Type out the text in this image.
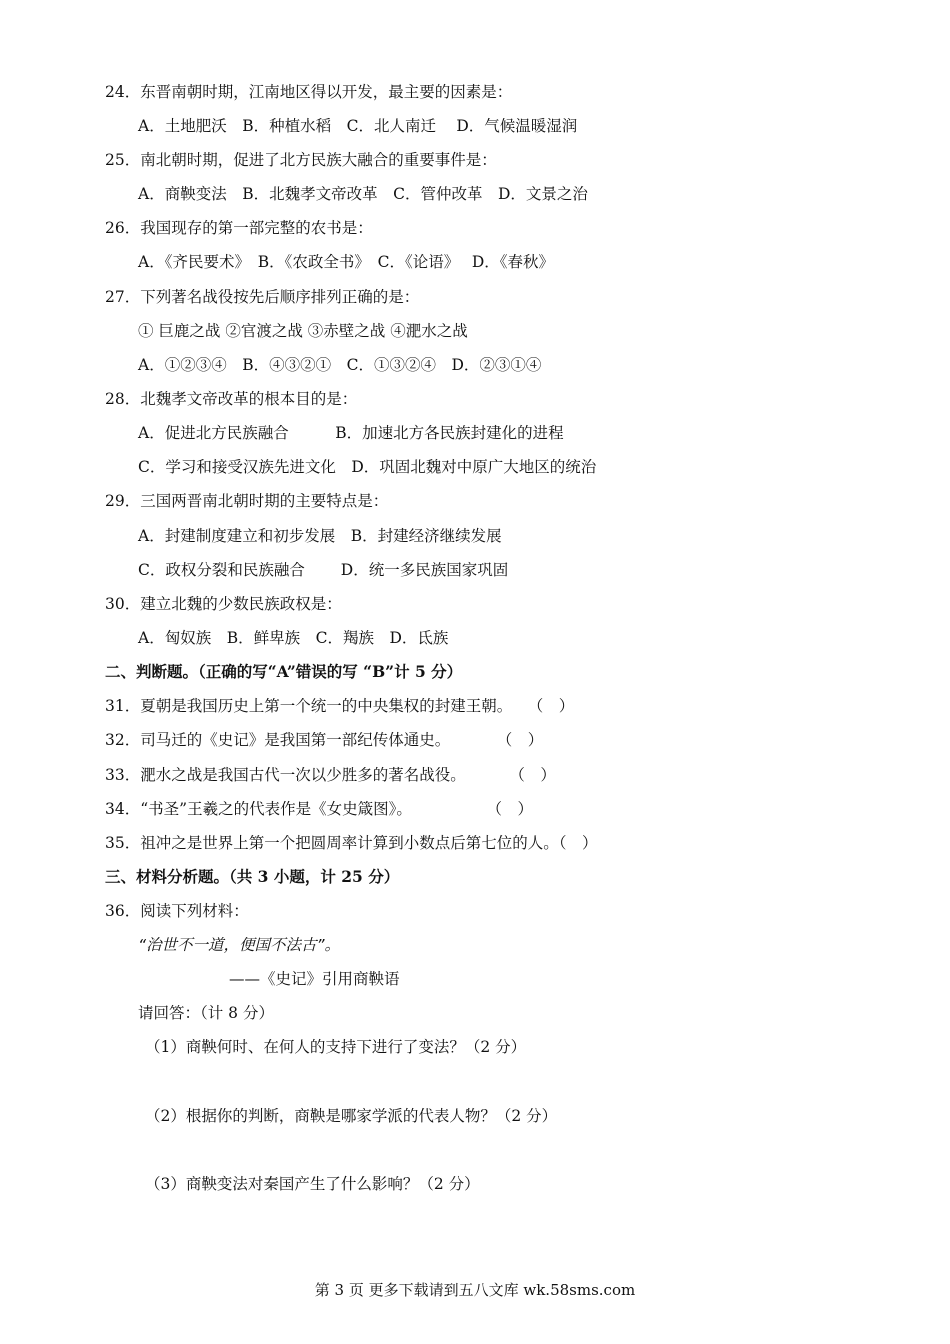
24．东晋南朝时期，江南地区得以开发，最主要的因素是：
A．土地肥沃　B．种植水稻　C．北人南迁　 D．气候温暖湿润
25．南北朝时期，促进了北方民族大融合的重要事件是：
A．商鞅变法　B．北魏孝文帝改革　C．管仲改革　D．文景之治
26．我国现存的第一部完整的农书是：
A．《齐民要术》　B．《农政全书》　C．《论语》　 D．《春秋》
27．下列著名战役按先后顺序排列正确的是：
① 巨鹿之战 ②官渡之战 ③赤壁之战 ④淝水之战
A．①②③④　B．④③②①　C．①③②④　D．②③①④
28．北魏孝文帝改革的根本目的是：
A．促进北方民族融合　　　B．加速北方各民族封建化的进程
C．学习和接受汉族先进文化　D．巩固北魏对中原广大地区的统治
29．三国两晋南北朝时期的主要特点是：
A．封建制度建立和初步发展　B．封建经济继续发展
C．政权分裂和民族融合　　 D．统一多民族国家巩固
30．建立北魏的少数民族政权是：
A．匈奴族　B．鲜卑族　C．羯族　D．氐族
二、判断题。（正确的写“A”错误的写 “B”计 5 分）
31．夏朝是我国历史上第一个统一的中央集权的封建王朝。　　（　）
32．司马迁的《史记》是我国第一部纪传体通史。　　　　（　）
33．淝水之战是我国古代一次以少胜多的著名战役。　　　 （　）
34．“书圣”王羲之的代表作是《女史箴图》。　　　　　 （　）
35．祖冲之是世界上第一个把圆周率计算到小数点后第七位的人。（　）
三、材料分析题。（共 3 小题，计 25 分）
36．阅读下列材料：
“治世不一道，便国不法古”。
——《史记》引用商鞅语
请回答：（计 8 分）
（1）商鞅何时、在何人的支持下进行了变法？（2 分）
（2）根据你的判断，商鞅是哪家学派的代表人物？（2 分）
（3）商鞅变法对秦国产生了什么影响？（2 分）
第 3 页 更多下载请到五八文库 wk.58sms.com
